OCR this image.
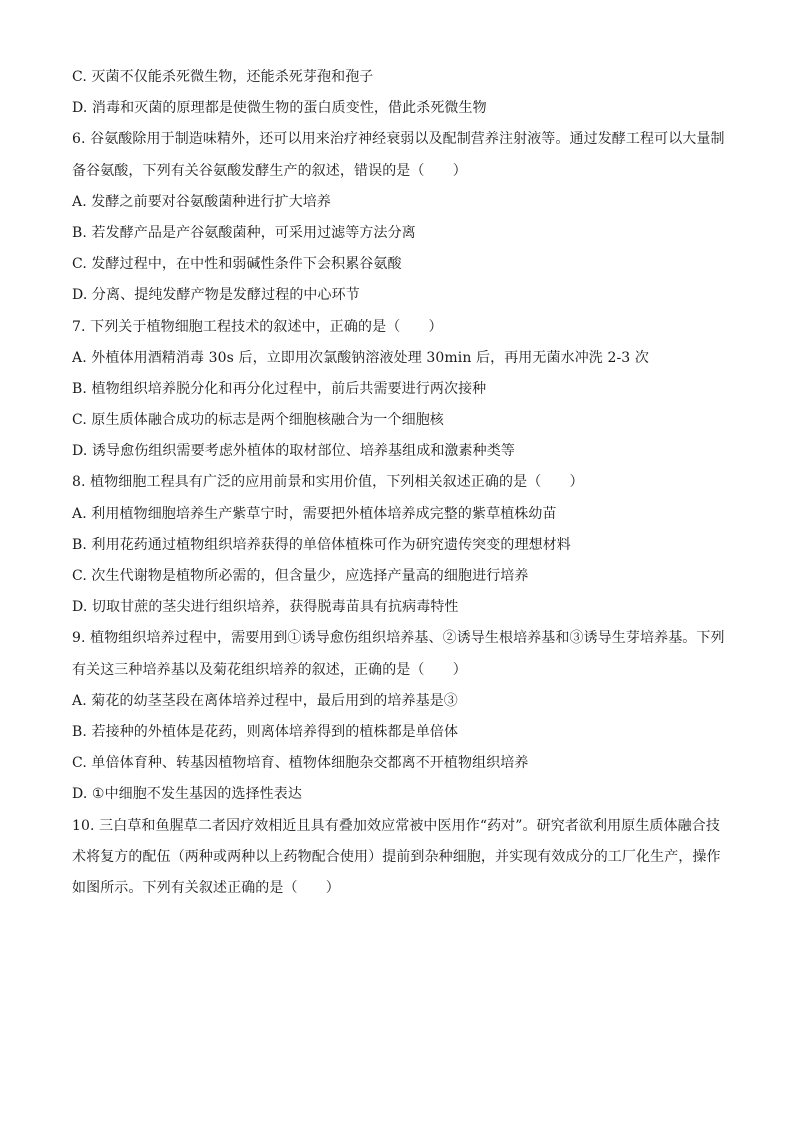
C. 灭菌不仅能杀死微生物，还能杀死芽孢和孢子
D. 消毒和灭菌的原理都是使微生物的蛋白质变性，借此杀死微生物
6. 谷氨酸除用于制造味精外，还可以用来治疗神经衰弱以及配制营养注射液等。通过发酵工程可以大量制
备谷氨酸，下列有关谷氨酸发酵生产的叙述，错误的是（　　）
A. 发酵之前要对谷氨酸菌种进行扩大培养
B. 若发酵产品是产谷氨酸菌种，可采用过滤等方法分离
C. 发酵过程中，在中性和弱碱性条件下会积累谷氨酸
D. 分离、提纯发酵产物是发酵过程的中心环节
7. 下列关于植物细胞工程技术的叙述中，正确的是（　　）
A. 外植体用酒精消毒 30s 后，立即用次氯酸钠溶液处理 30min 后，再用无菌水冲洗 2-3 次
B. 植物组织培养脱分化和再分化过程中，前后共需要进行两次接种
C. 原生质体融合成功的标志是两个细胞核融合为一个细胞核
D. 诱导愈伤组织需要考虑外植体的取材部位、培养基组成和激素种类等
8. 植物细胞工程具有广泛的应用前景和实用价值，下列相关叙述正确的是（　　）
A. 利用植物细胞培养生产紫草宁时，需要把外植体培养成完整的紫草植株幼苗
B. 利用花药通过植物组织培养获得的单倍体植株可作为研究遗传突变的理想材料
C. 次生代谢物是植物所必需的，但含量少，应选择产量高的细胞进行培养
D. 切取甘蔗的茎尖进行组织培养，获得脱毒苗具有抗病毒特性
9. 植物组织培养过程中，需要用到①诱导愈伤组织培养基、②诱导生根培养基和③诱导生芽培养基。下列
有关这三种培养基以及菊花组织培养的叙述，正确的是（　　）
A. 菊花的幼茎茎段在离体培养过程中，最后用到的培养基是③
B. 若接种的外植体是花药，则离体培养得到的植株都是单倍体
C. 单倍体育种、转基因植物培育、植物体细胞杂交都离不开植物组织培养
D. ①中细胞不发生基因的选择性表达
10. 三白草和鱼腥草二者因疗效相近且具有叠加效应常被中医用作“药对”。研究者欲利用原生质体融合技
术将复方的配伍（两种或两种以上药物配合使用）提前到杂种细胞，并实现有效成分的工厂化生产，操作
如图所示。下列有关叙述正确的是（　　）
